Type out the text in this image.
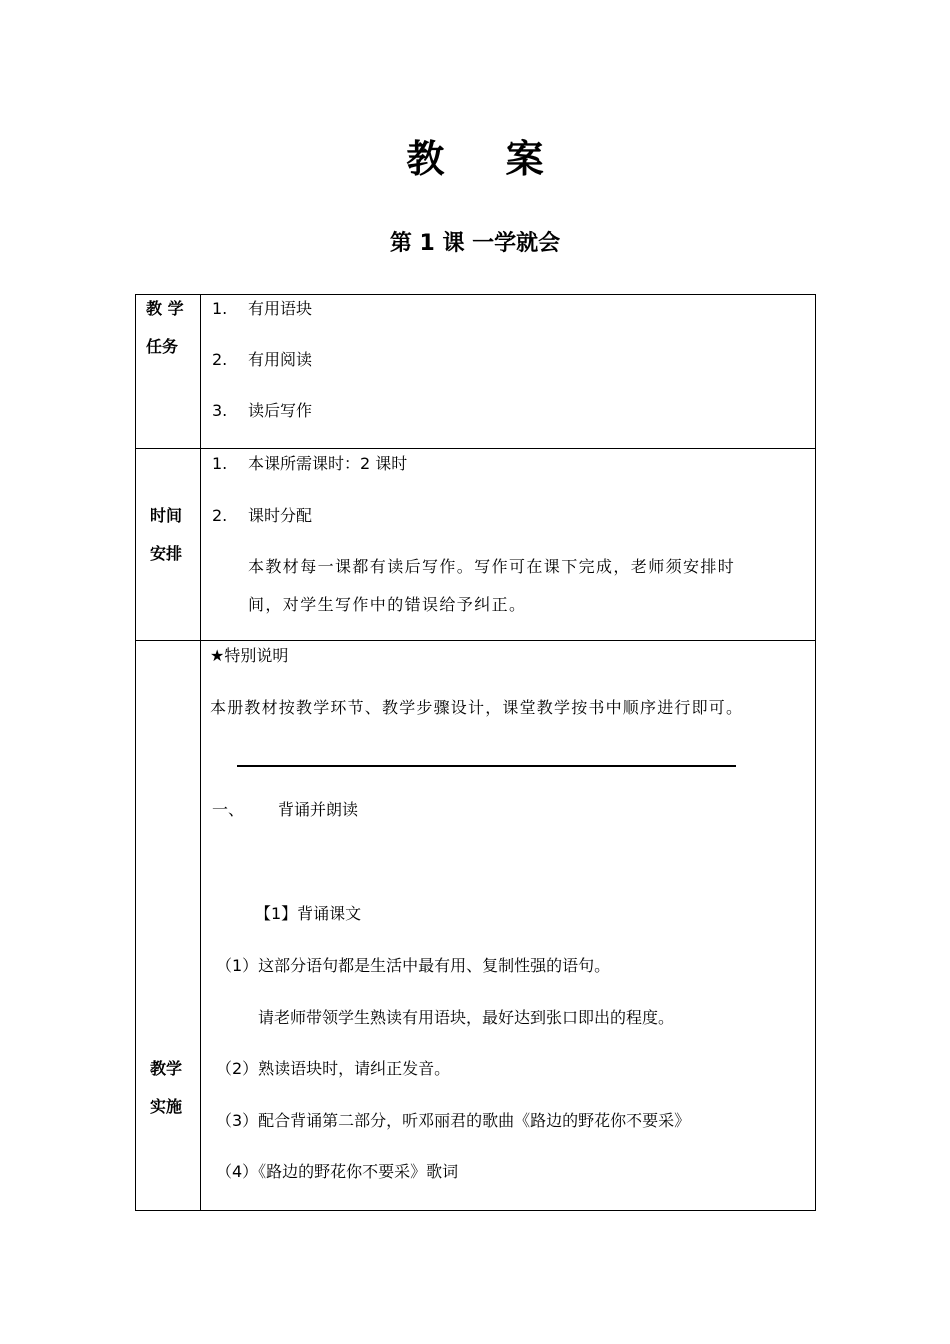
教 案
第 1 课 一学就会
教 学
任务
1. 有用语块
2. 有用阅读
3. 读后写作
时间
安排
1. 本课所需课时：2 课时
2. 课时分配
本教材每一课都有读后写作。写作可在课下完成，老师须安排时
间，对学生写作中的错误给予纠正。
教学
实施
★特别说明
本册教材按教学环节、教学步骤设计，课堂教学按书中顺序进行即可。
一、 背诵并朗读
【1】背诵课文
（1）这部分语句都是生活中最有用、复制性强的语句。
请老师带领学生熟读有用语块，最好达到张口即出的程度。
（2）熟读语块时，请纠正发音。
（3）配合背诵第二部分，听邓丽君的歌曲《路边的野花你不要采》
（4）《路边的野花你不要采》歌词
